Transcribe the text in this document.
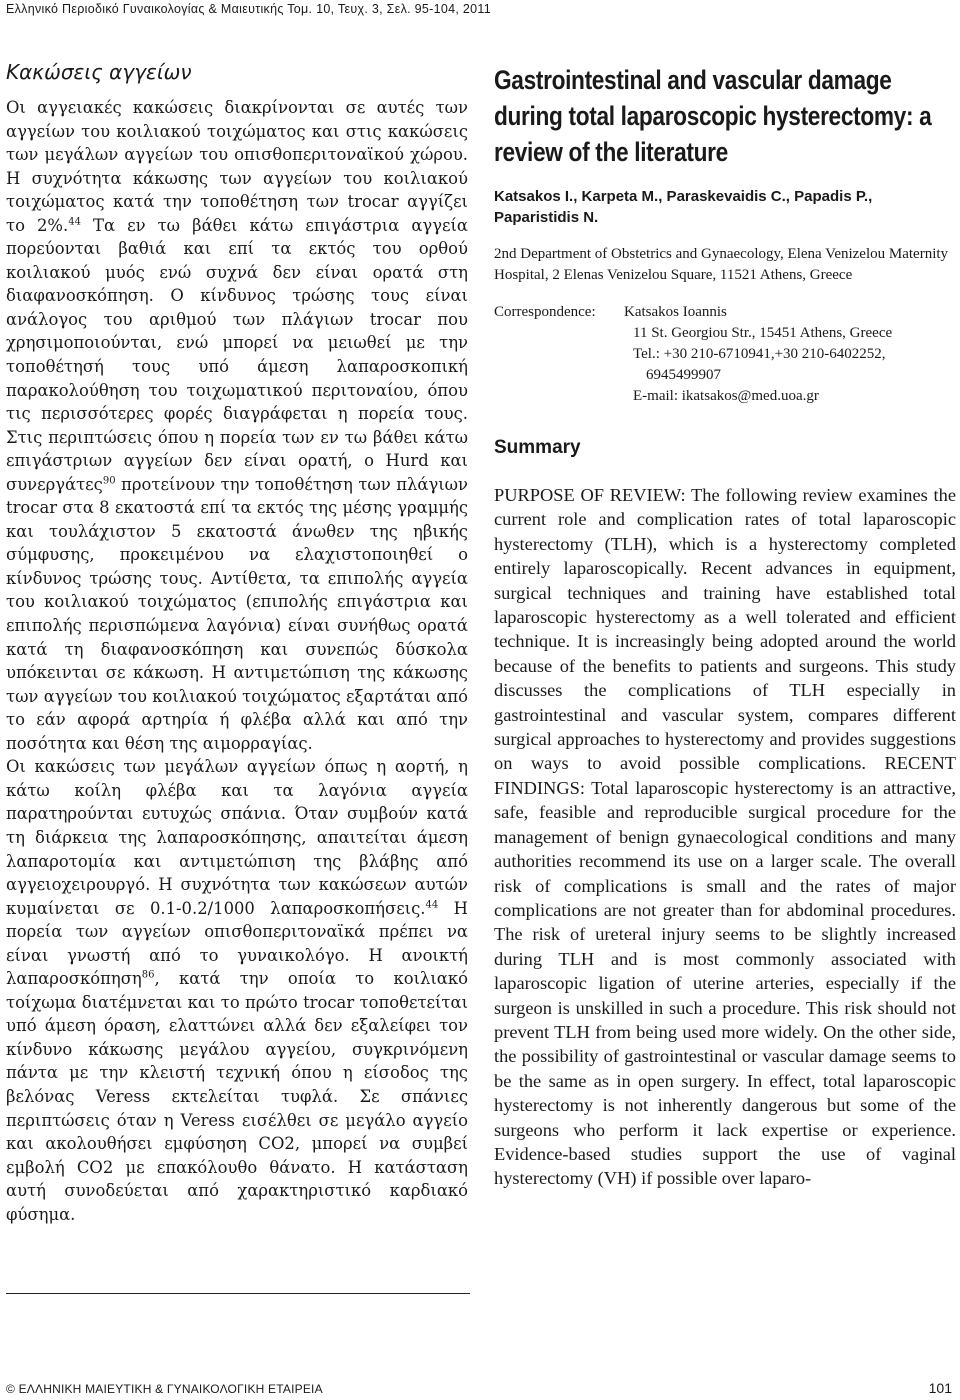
Ελληνικό Περιοδικό Γυναικολογίας & Μαιευτικής Τομ. 10, Τευχ. 3, Σελ. 95-104, 2011
Κακώσεις αγγείων

Οι αγγειακές κακώσεις διακρίνονται σε αυτές των αγγείων του κοιλιακού τοιχώματος και στις κακώσεις των μεγάλων αγγείων του οπισθοπεριτοναϊκού χώρου. Η συχνότητα κάκωσης των αγγείων του κοιλιακού τοιχώματος κατά την τοποθέτηση των trocar αγγίζει το 2%.$^{44}$ Τα εν τω βάθει κάτω επιγάστρια αγγεία πορεύονται βαθιά και επί τα εκτός του ορθού κοιλιακού μυός ενώ συχνά δεν είναι ορατά στη διαφανοσκόπηση. Ο κίνδυνος τρώσης τους είναι ανάλογος του αριθμού των πλάγιων trocar που χρησιμοποιούνται, ενώ μπορεί να μειωθεί με την τοποθέτησή τους υπό άμεση λαπαροσκοπική παρακολούθηση του τοιχωματικού περιτοναίου, όπου τις περισσότερες φορές διαγράφεται η πορεία τους. Στις περιπτώσεις όπου η πορεία των εν τω βάθει κάτω επιγάστριων αγγείων δεν είναι ορατή, ο Hurd και συνεργάτες$^{90}$ προτείνουν την τοποθέτηση των πλάγιων trocar στα 8 εκατοστά επί τα εκτός της μέσης γραμμής και τουλάχιστον 5 εκατοστά άνωθεν της ηβικής σύμφυσης, προκειμένου να ελαχιστοποιηθεί ο κίνδυνος τρώσης τους. Αντίθετα, τα επιπολής αγγεία του κοιλιακού τοιχώματος (επιπολής επιγάστρια και επιπολής περισπώμενα λαγόνια) είναι συνήθως ορατά κατά τη διαφανοσκόπηση και συνεπώς δύσκολα υπόκεινται σε κάκωση. Η αντιμετώπιση της κάκωσης των αγγείων του κοιλιακού τοιχώματος εξαρτάται από το εάν αφορά αρτηρία ή φλέβα αλλά και από την ποσότητα και θέση της αιμορραγίας.

Οι κακώσεις των μεγάλων αγγείων όπως η αορτή, η κάτω κοίλη φλέβα και τα λαγόνια αγγεία παρατηρούνται ευτυχώς σπάνια. Όταν συμβούν κατά τη διάρκεια της λαπαροσκόπησης, απαιτείται άμεση λαπαροτομία και αντιμετώπιση της βλάβης από αγγειοχειρουργό. Η συχνότητα των κακώσεων αυτών κυμαίνεται σε 0.1-0.2/1000 λαπαροσκοπήσεις.$^{44}$ Η πορεία των αγγείων οπισθοπεριτοναϊκά πρέπει να είναι γνωστή από το γυναικολόγο. Η ανοικτή λαπαροσκόπηση$^{86}$, κατά την οποία το κοιλιακό τοίχωμα διατέμνεται και το πρώτο trocar τοποθετείται υπό άμεση όραση, ελαττώνει αλλά δεν εξαλείφει τον κίνδυνο κάκωσης μεγάλου αγγείου, συγκρινόμενη πάντα με την κλειστή τεχνική όπου η είσοδος της βελόνας Veress εκτελείται τυφλά. Σε σπάνιες περιπτώσεις όταν η Veress εισέλθει σε μεγάλο αγγείο και ακολουθήσει εμφύσηση CO2, μπορεί να συμβεί εμβολή CO2 με επακόλουθο θάνατο. Η κατάσταση αυτή συνοδεύεται από χαρακτηριστικό καρδιακό φύσημα.

Gastrointestinal and vascular damage during total laparoscopic hysterectomy: a review of the literature
Katsakos I., Karpeta M., Paraskevaidis C., Papadis P., Paparistidis N.
2nd Department of Obstetrics and Gynaecology, Elena Venizelou Maternity Hospital, 2 Elenas Venizelou Square, 11521 Athens, Greece
Correspondence:	Katsakos Ioannis
11 St. Georgiou Str., 15451 Athens, Greece
Tel.: +30 210-6710941,+30 210-6402252,
6945499907
E-mail: ikatsakos@med.uoa.gr
Summary

PURPOSE OF REVIEW: The following review examines the current role and complication rates of total laparoscopic hysterectomy (TLH), which is a hysterectomy completed entirely laparoscopically. Recent advances in equipment, surgical techniques and training have established total laparoscopic hysterectomy as a well tolerated and efficient technique. It is increasingly being adopted around the world because of the benefits to patients and surgeons. This study discusses the complications of TLH especially in gastrointestinal and vascular system, compares different surgical approaches to hysterectomy and provides suggestions on ways to avoid possible complications. RECENT FINDINGS: Total laparoscopic hysterectomy is an attractive, safe, feasible and reproducible surgical procedure for the management of benign gynaecological conditions and many authorities recommend its use on a larger scale. The overall risk of complications is small and the rates of major complications are not greater than for abdominal procedures. The risk of ureteral injury seems to be slightly increased during TLH and is most commonly associated with laparoscopic ligation of uterine arteries, especially if the surgeon is unskilled in such a procedure. This risk should not prevent TLH from being used more widely. On the other side, the possibility of gastrointestinal or vascular damage seems to be the same as in open surgery. In effect, total laparoscopic hysterectomy is not inherently dangerous but some of the surgeons who perform it lack expertise or experience. Evidence-based studies support the use of vaginal hysterectomy (VH) if possible over laparo-

© ΕΛΛΗΝΙΚΗ ΜΑΙΕΥΤΙΚΗ & ΓΥΝΑΙΚΟΛΟΓΙΚΗ ΕΤΑΙΡΕΙΑ	101
